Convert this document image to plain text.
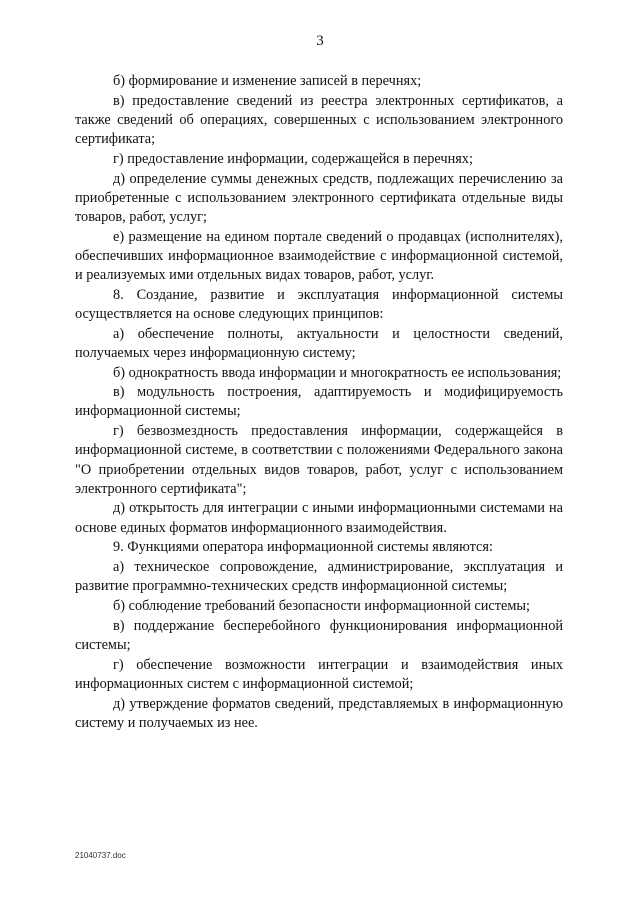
3

б) формирование и изменение записей в перечнях;

в) предоставление сведений из реестра электронных сертификатов, а также сведений об операциях, совершенных с использованием электронного сертификата;

г) предоставление информации, содержащейся в перечнях;

д) определение суммы денежных средств, подлежащих перечислению за приобретенные с использованием электронного сертификата отдельные виды товаров, работ, услуг;

е) размещение на едином портале сведений о продавцах (исполнителях), обеспечивших информационное взаимодействие с информационной системой, и реализуемых ими отдельных видах товаров, работ, услуг.

8. Создание, развитие и эксплуатация информационной системы осуществляется на основе следующих принципов:

а) обеспечение полноты, актуальности и целостности сведений, получаемых через информационную систему;

б) однократность ввода информации и многократность ее использования;

в) модульность построения, адаптируемость и модифицируемость информационной системы;

г) безвозмездность предоставления информации, содержащейся в информационной системе, в соответствии с положениями Федерального закона "О приобретении отдельных видов товаров, работ, услуг с использованием электронного сертификата";

д) открытость для интеграции с иными информационными системами на основе единых форматов информационного взаимодействия.

9. Функциями оператора информационной системы являются:

а) техническое сопровождение, администрирование, эксплуатация и развитие программно-технических средств информационной системы;

б) соблюдение требований безопасности информационной системы;

в) поддержание бесперебойного функционирования информационной системы;

г) обеспечение возможности интеграции и взаимодействия иных информационных систем с информационной системой;

д) утверждение форматов сведений, представляемых в информационную систему и получаемых из нее.

21040737.doc
